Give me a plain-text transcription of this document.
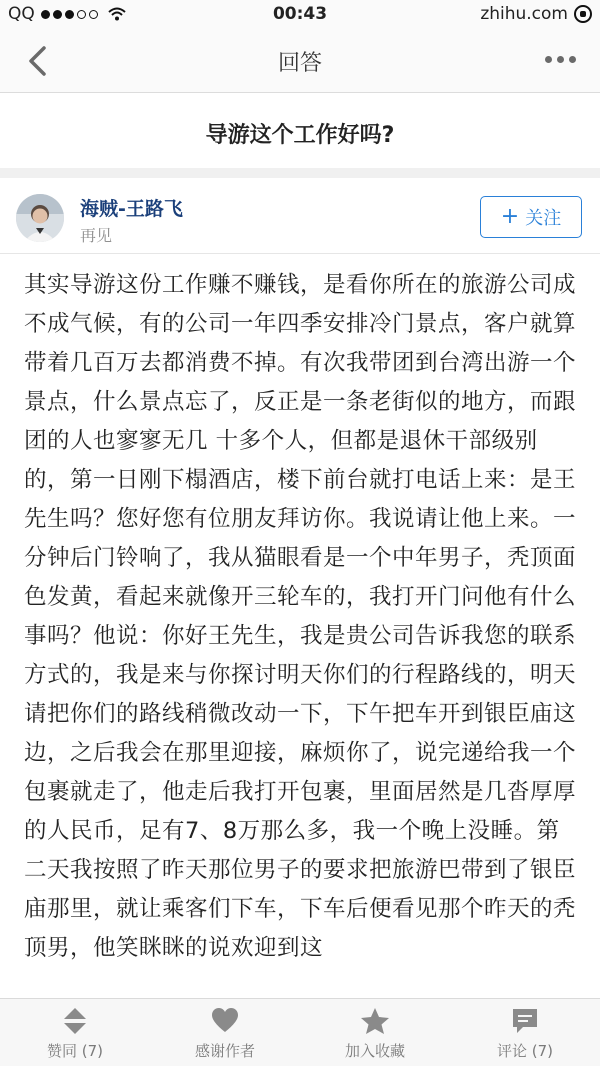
QQ	00:43	zhihu.com
回答
导游这个工作好吗?
海贼-王路飞
再见
+ 关注

其实导游这份工作赚不赚钱，是看你所在的旅游公司成不成气候，有的公司一年四季安排冷门景点，客户就算带着几百万去都消费不掉。有次我带团到台湾出游一个景点，什么景点忘了，反正是一条老街似的地方，而跟团的人也寥寥无几 十多个人，但都是退休干部级别的，第一日刚下榻酒店，楼下前台就打电话上来：是王先生吗？您好您有位朋友拜访你。我说请让他上来。一分钟后门铃响了，我从猫眼看是一个中年男子，秃顶面色发黄，看起来就像开三轮车的，我打开门问他有什么事吗？他说：你好王先生，我是贵公司告诉我您的联系方式的，我是来与你探讨明天你们的行程路线的，明天请把你们的路线稍微改动一下，下午把车开到银臣庙这边，之后我会在那里迎接，麻烦你了，说完递给我一个包裹就走了，他走后我打开包裹，里面居然是几沓厚厚的人民币，足有7、8万那么多，我一个晚上没睡。第二天我按照了昨天那位男子的要求把旅游巴带到了银臣庙那里，就让乘客们下车，下车后便看见那个昨天的秃顶男，他笑眯眯的说欢迎到这

赞同 (7)	感谢作者	加入收藏	评论 (7)
